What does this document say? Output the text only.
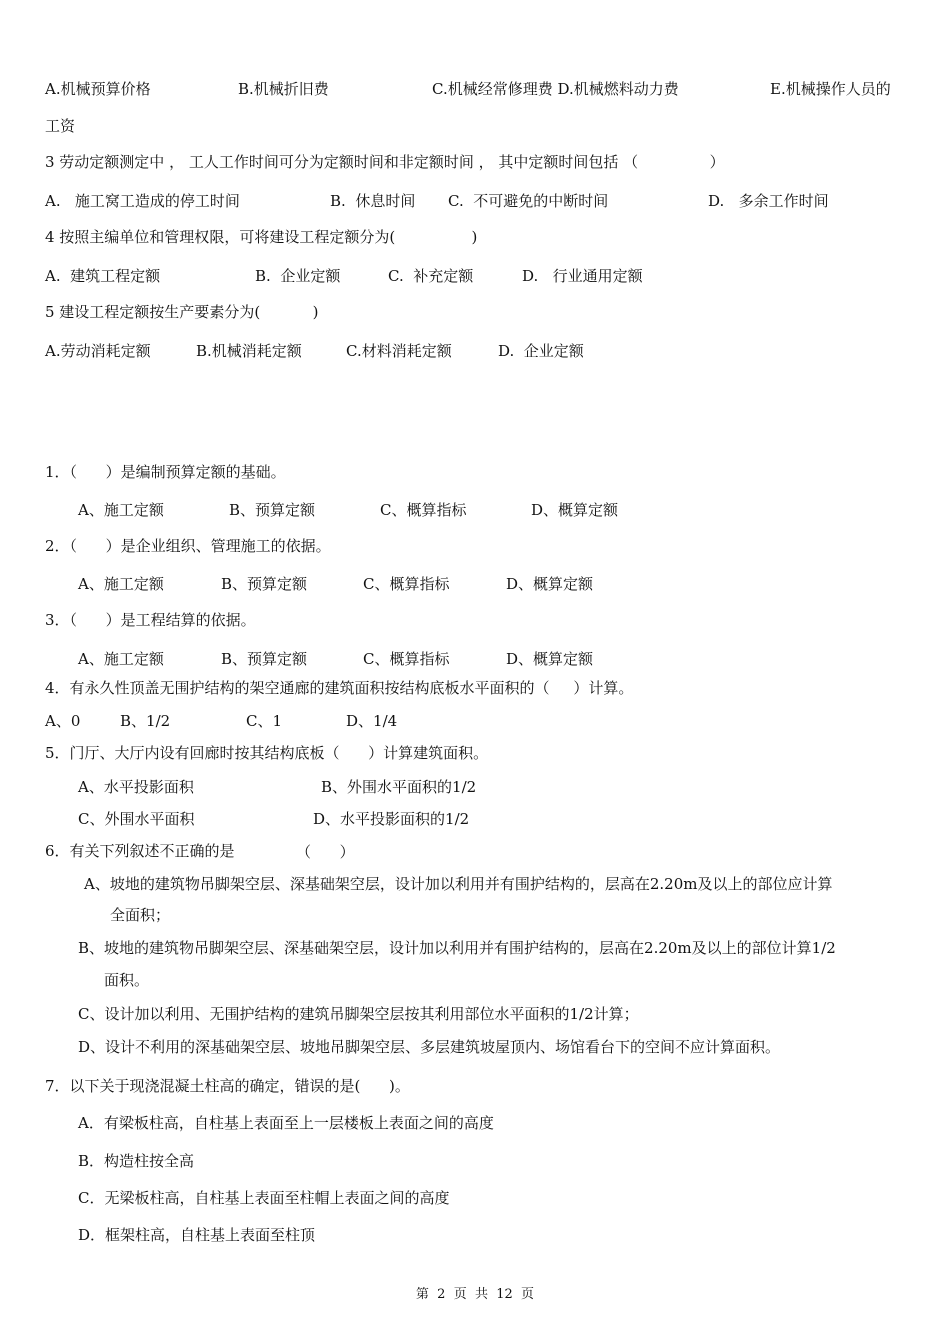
A.机械预算价格	B.机械折旧费	C.机械经常修理费 D.机械燃料动力费	E.机械操作人员的
工资
3 劳动定额测定中 ， 工人工作时间可分为定额时间和非定额时间 ， 其中定额时间包括 （               ）
A.   施工窝工造成的停工时间	B.  休息时间 C.  不可避免的中断时间	D.   多余工作时间
4 按照主编单位和管理权限，可将建设工程定额分为(                )
A.  建筑工程定额	B.  企业定额	C.  补充定额	D.   行业通用定额
5 建设工程定额按生产要素分为(           )
A.劳动消耗定额	B.机械消耗定额	C.材料消耗定额	D.  企业定额
1．（      ）是编制预算定额的基础。
A、施工定额	B、预算定额	C、概算指标	D、概算定额
2．（      ）是企业组织、管理施工的依据。
A、施工定额	B、预算定额	C、概算指标	D、概算定额
3．（      ）是工程结算的依据。
A、施工定额	B、预算定额	C、概算指标	D、概算定额
4．有永久性顶盖无围护结构的架空通廊的建筑面积按结构底板水平面积的（     ）计算。
A、0	B、1/2	C、1	D、1/4
5．门厅、大厅内设有回廊时按其结构底板（      ）计算建筑面积。
A、水平投影面积	B、外围水平面积的1/2
C、外围水平面积	D、水平投影面积的1/2
6．有关下列叙述不正确的是	（      ）
A、坡地的建筑物吊脚架空层、深基础架空层，设计加以利用并有围护结构的，层高在2.20m及以上的部位应计算
全面积；
B、坡地的建筑物吊脚架空层、深基础架空层，设计加以利用并有围护结构的，层高在2.20m及以上的部位计算1/2
面积。
C、设计加以利用、无围护结构的建筑吊脚架空层按其利用部位水平面积的1/2计算；
D、设计不利用的深基础架空层、坡地吊脚架空层、多层建筑坡屋顶内、场馆看台下的空间不应计算面积。
7．以下关于现浇混凝土柱高的确定，错误的是(      )。
A．有梁板柱高，自柱基上表面至上一层楼板上表面之间的高度
B．构造柱按全高
C．无梁板柱高，自柱基上表面至柱帽上表面之间的高度
D．框架柱高，自柱基上表面至柱顶
第  2  页  共  12  页
